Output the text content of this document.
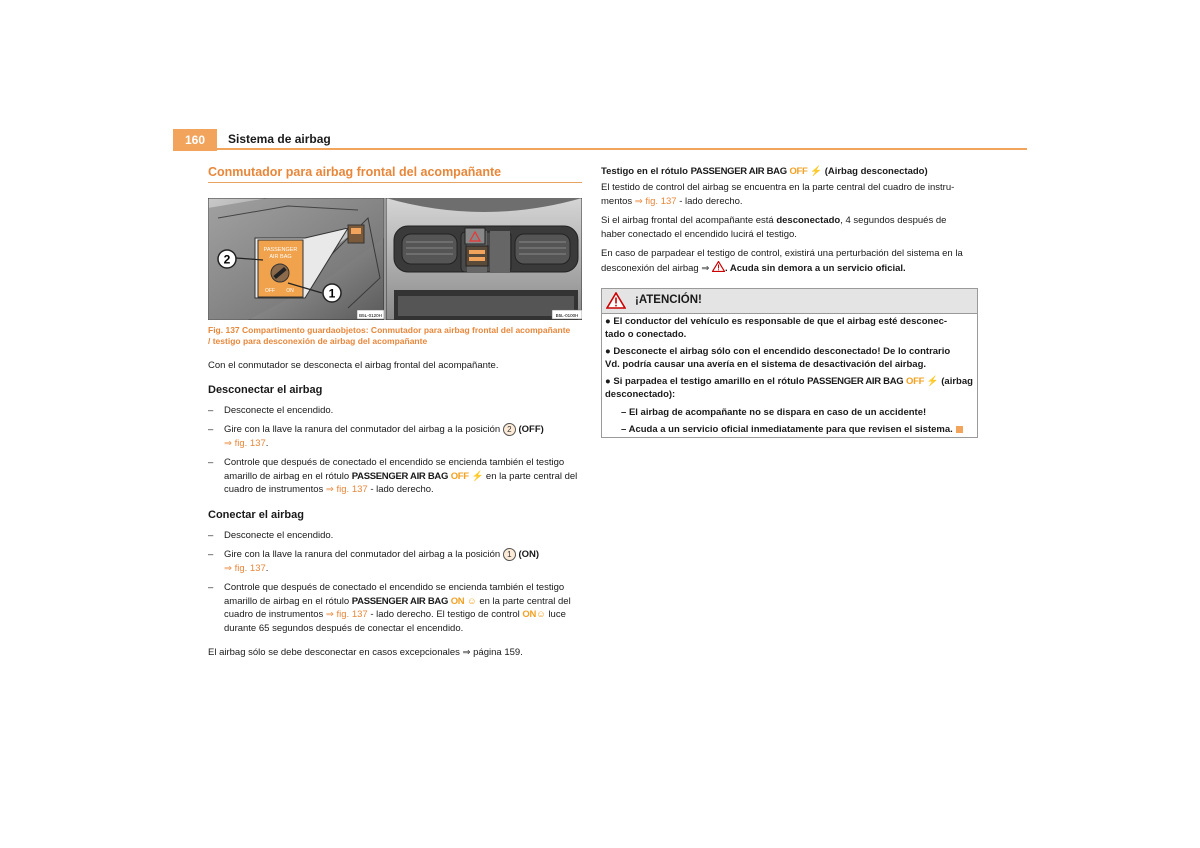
160	Sistema de airbag
Conmutador para airbag frontal del acompañante
PASSENGER
AIR BAG
OFF ON
2
1
B5L-0120H	B5L-0100H
Fig. 137 Compartimento guardaobjetos: Conmutador para airbag frontal del acompañante
/ testigo para desconexión de airbag del acompañante
Con el conmutador se desconecta el airbag frontal del acompañante.
Desconectar el airbag
– Desconecte el encendido.
– Gire con la llave la ranura del conmutador del airbag a la posición 2 (OFF)
⇒ fig. 137.
– Controle que después de conectado el encendido se encienda también el testigo
amarillo de airbag en el rótulo PASSENGER AIR BAG OFF ⚡ en la parte central del
cuadro de instrumentos ⇒ fig. 137 - lado derecho.
Conectar el airbag
– Desconecte el encendido.
– Gire con la llave la ranura del conmutador del airbag a la posición 1 (ON)
⇒ fig. 137.
– Controle que después de conectado el encendido se encienda también el testigo
amarillo de airbag en el rótulo PASSENGER AIR BAG ON ☺ en la parte central del
cuadro de instrumentos ⇒ fig. 137 - lado derecho. El testigo de control ON☺ luce
durante 65 segundos después de conectar el encendido.
El airbag sólo se debe desconectar en casos excepcionales ⇒ página 159.
Testigo en el rótulo PASSENGER AIR BAG OFF ⚡ (Airbag desconectado)
El testido de control del airbag se encuentra en la parte central del cuadro de instru-
mentos ⇒ fig. 137 - lado derecho.
Si el airbag frontal del acompañante está desconectado, 4 segundos después de
haber conectado el encendido lucirá el testigo.
En caso de parpadear el testigo de control, existirá una perturbación del sistema en la
desconexión del airbag ⇒ . Acuda sin demora a un servicio oficial.
¡ATENCIÓN!
● El conductor del vehículo es responsable de que el airbag esté desconec-
tado o conectado.
● Desconecte el airbag sólo con el encendido desconectado! De lo contrario
Vd. podría causar una avería en el sistema de desactivación del airbag.
● Si parpadea el testigo amarillo en el rótulo PASSENGER AIR BAG OFF ⚡ (airbag
desconectado):
– El airbag de acompañante no se dispara en caso de un accidente!
– Acuda a un servicio oficial inmediatamente para que revisen el sistema.
